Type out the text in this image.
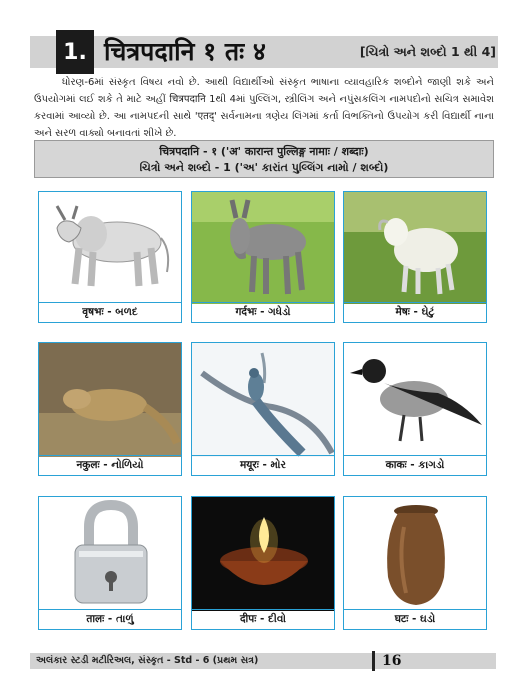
1. चित्रपदानि १ तः ४	[ચિત્રો અને શબ્દો 1 થી 4]

ધોરણ-6માં સંસ્કૃત વિષય નવો છે. આથી વિદ્યાર્થીઓ સંસ્કૃત ભાષાના વ્યાવહારિક શબ્દોને જાણી શકે અને ઉપયોગમાં લઈ શકે તે માટે અહીં चित्रपदानि 1થી 4માં પુલ્લિંગ, સ્ત્રીલિંગ અને નપુંસકલિંગ નામપદોનો સચિત્ર સમાવેશ કરવામાં આવ્યો છે. આ નામપદની સાથે 'एतद्' સર્વનામના ત્રણેય લિંગમાં કર્તા વિભક્તિનો ઉપયોગ કરી વિદ્યાર્થી નાના અને સરળ વાક્યો બનાવતાં શીખે છે.

चित्रपदानि - १ ('अ' कारान्त पुल्लिङ्ग नामाः / शब्दाः)
ચિત્રો અને શબ્દો - 1 ('અ' કારાંત પુલ્લિંગ નામો / શબ્દો)
वृषभः - બળદ	गर्दभः - ગધેડો	मेषः - ઘેટું
नकुलः - નોળિયો	मयूरः - મોર	काकः - કાગડો
तालः - તાળું	दीपः - દીવો	घटः - ઘડો
અલંકાર સ્ટડી મટીરિઅલ, સંસ્કૃત - Std - 6 (પ્રથમ સત્ર)	16
